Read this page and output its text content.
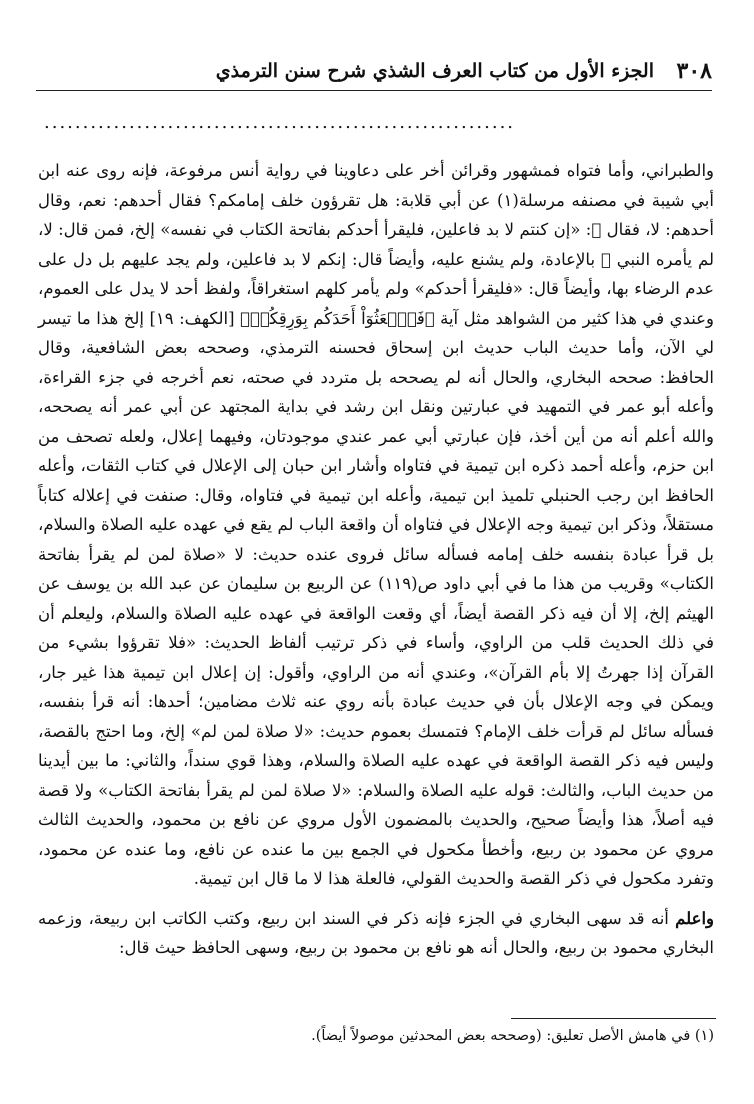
٣٠٨
الجزء الأول من كتاب العرف الشذي شرح سنن الترمذي
.............................................................

والطبراني، وأما فتواه فمشهور وقرائن أخر على دعاوينا في رواية أنس مرفوعة، فإنه روى عنه ابن أبي شيبة في مصنفه مرسلة(١) عن أبي قلابة: هل تقرؤون خلف إمامكم؟ فقال أحدهم: نعم، وقال أحدهم: لا، فقال ﷺ: «إن كنتم لا بد فاعلين، فليقرأ أحدكم بفاتحة الكتاب في نفسه» إلخ، فمن قال: لا، لم يأمره النبي ﷺ بالإعادة، ولم يشنع عليه، وأيضاً قال: إنكم لا بد فاعلين، ولم يجد عليهم بل دل على عدم الرضاء بها، وأيضاً قال: «فليقرأ أحدكم» ولم يأمر كلهم استغراقاً، ولفظ أحد لا يدل على العموم، وعندي في هذا كثير من الشواهد مثل آية ﴿فَٱبۡعَثُوٓاْ أَحَدَكُم بِوَرِقِكُمۡ﴾ [الكهف: ١٩] إلخ هذا ما تيسر لي الآن، وأما حديث الباب حديث ابن إسحاق فحسنه الترمذي، وصححه بعض الشافعية، وقال الحافظ: صححه البخاري، والحال أنه لم يصححه بل متردد في صحته، نعم أخرجه في جزء القراءة، وأعله أبو عمر في التمهيد في عبارتين ونقل ابن رشد في بداية المجتهد عن أبي عمر أنه يصححه، والله أعلم أنه من أين أخذ، فإن عبارتي أبي عمر عندي موجودتان، وفيهما إعلال، ولعله تصحف من ابن حزم، وأعله أحمد ذكره ابن تيمية في فتاواه وأشار ابن حبان إلى الإعلال في كتاب الثقات، وأعله الحافظ ابن رجب الحنبلي تلميذ ابن تيمية، وأعله ابن تيمية في فتاواه، وقال: صنفت في إعلاله كتاباً مستقلاً، وذكر ابن تيمية وجه الإعلال في فتاواه أن واقعة الباب لم يقع في عهده عليه الصلاة والسلام، بل قرأ عبادة بنفسه خلف إمامه فسأله سائل فروى عنده حديث: لا «صلاة لمن لم يقرأ بفاتحة الكتاب» وقريب من هذا ما في أبي داود ص(١١٩) عن الربيع بن سليمان عن عبد الله بن يوسف عن الهيثم إلخ، إلا أن فيه ذكر القصة أيضاً، أي وقعت الواقعة في عهده عليه الصلاة والسلام، وليعلم أن في ذلك الحديث قلب من الراوي، وأساء في ذكر ترتيب ألفاظ الحديث: «فلا تقرؤوا بشيء من القرآن إذا جهرتُ إلا بأم القرآن»، وعندي أنه من الراوي، وأقول: إن إعلال ابن تيمية هذا غير جار، ويمكن في وجه الإعلال بأن في حديث عبادة بأنه روي عنه ثلاث مضامين؛ أحدها: أنه قرأ بنفسه، فسأله سائل لم قرأت خلف الإمام؟ فتمسك بعموم حديث: «لا صلاة لمن لم» إلخ، وما احتج بالقصة، وليس فيه ذكر القصة الواقعة في عهده عليه الصلاة والسلام، وهذا قوي سنداً، والثاني: ما بين أيدينا من حديث الباب، والثالث: قوله عليه الصلاة والسلام: «لا صلاة لمن لم يقرأ بفاتحة الكتاب» ولا قصة فيه أصلاً، هذا وأيضاً صحيح، والحديث بالمضمون الأول مروي عن نافع بن محمود، والحديث الثالث مروي عن محمود بن ربيع، وأخطأ مكحول في الجمع بين ما عنده عن نافع، وما عنده عن محمود، وتفرد مكحول في ذكر القصة والحديث القولي، فالعلة هذا لا ما قال ابن تيمية.

واعلم أنه قد سهى البخاري في الجزء فإنه ذكر في السند ابن ربيع، وكتب الكاتب ابن ربيعة، وزعمه البخاري محمود بن ربيع، والحال أنه هو نافع بن محمود بن ربيع، وسهى الحافظ حيث قال:

(١) في هامش الأصل تعليق: (وصححه بعض المحدثين موصولاً أيضاً).
